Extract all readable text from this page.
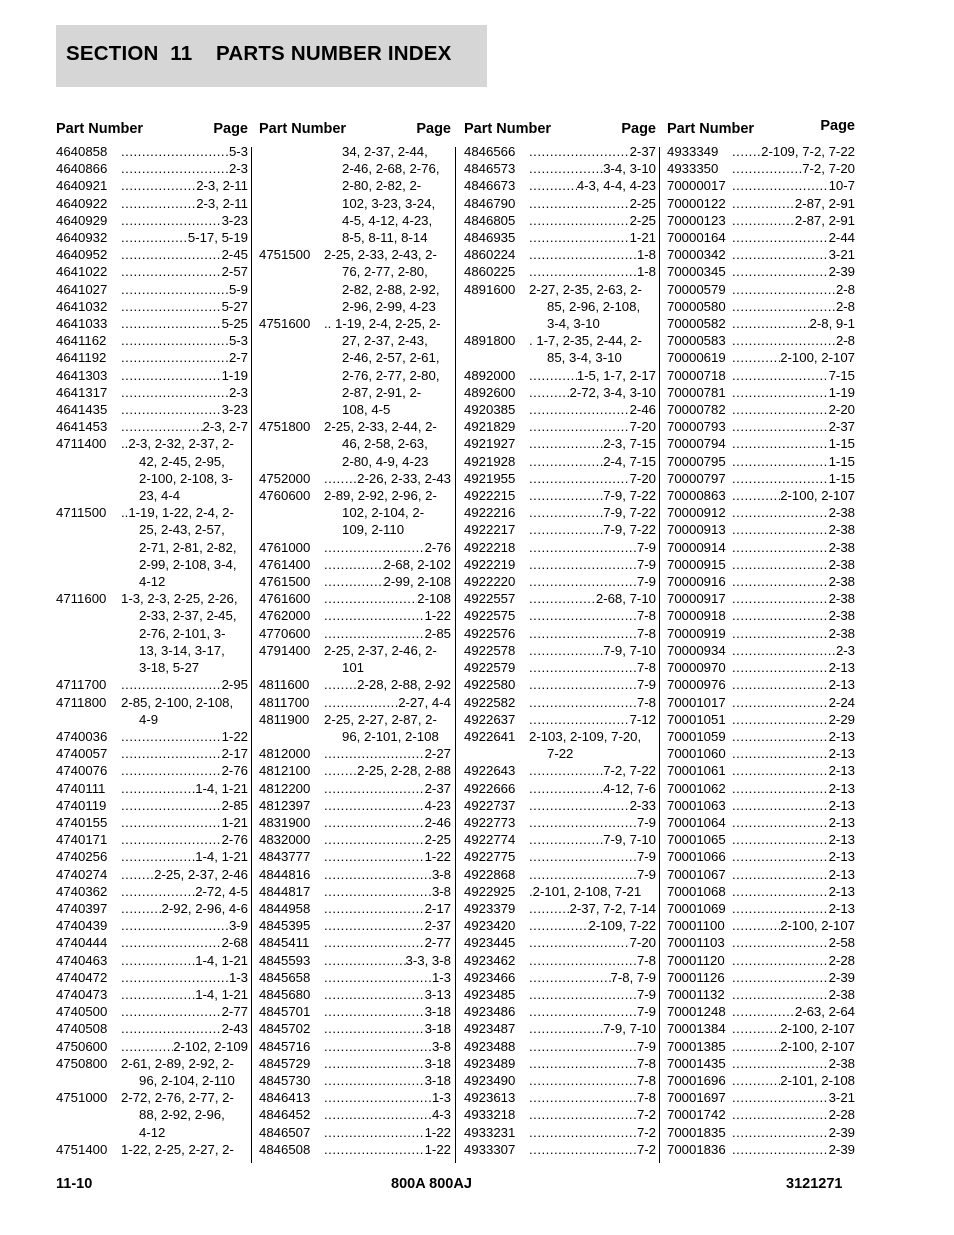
SECTION  11    PARTS NUMBER INDEX
Part Number	Page
4640858 .....	5-3
4640866 .....	2-3
4640921 .....	2-3, 2-11
4640922 .....	2-3, 2-11
4640929 .....	3-23
4640932 .....	5-17, 5-19
4640952 .....	2-45
4641022 .....	2-57
4641027 .....	5-9
4641032 .....	5-27
4641033 .....	5-25
4641162 .....	5-3
4641192 .....	2-7
4641303 .....	1-19
4641317 .....	2-3
4641435 .....	3-23
4641453 .....	2-3, 2-7
4711400 ..2-3, 2-32, 2-37, 2-
42, 2-45, 2-95,
2-100, 2-108, 3-
23, 4-4
4711500 ..1-19, 1-22, 2-4, 2-
25, 2-43, 2-57,
2-71, 2-81, 2-82,
2-99, 2-108, 3-4,
4-12
4711600 1-3, 2-3, 2-25, 2-26,
2-33, 2-37, 2-45,
2-76, 2-101, 3-
13, 3-14, 3-17,
3-18, 5-27
4711700 .....	2-95
4711800 2-85, 2-100, 2-108,
4-9
4740036 .....	1-22
4740057 .....	2-17
4740076 .....	2-76
4740111 .....	1-4, 1-21
4740119 .....	2-85
4740155 .....	1-21
4740171 .....	2-76
4740256 .....	1-4, 1-21
4740274 .....	2-25, 2-37, 2-46
4740362 .....	2-72, 4-5
4740397 .....	2-92, 2-96, 4-6
4740439 .....	3-9
4740444 .....	2-68
4740463 .....	1-4, 1-21
4740472 .....	1-3
4740473 .....	1-4, 1-21
4740500 .....	2-77
4740508 .....	2-43
4750600 .....	2-102, 2-109
4750800 2-61, 2-89, 2-92, 2-
96, 2-104, 2-110
4751000 2-72, 2-76, 2-77, 2-
88, 2-92, 2-96,
4-12
4751400 1-22, 2-25, 2-27, 2-
Part Number	Page
34, 2-37, 2-44,
2-46, 2-68, 2-76,
2-80, 2-82, 2-
102, 3-23, 3-24,
4-5, 4-12, 4-23,
8-5, 8-11, 8-14
4751500 2-25, 2-33, 2-43, 2-
76, 2-77, 2-80,
2-82, 2-88, 2-92,
2-96, 2-99, 4-23
4751600 .. 1-19, 2-4, 2-25, 2-
27, 2-37, 2-43,
2-46, 2-57, 2-61,
2-76, 2-77, 2-80,
2-87, 2-91, 2-
108, 4-5
4751800 2-25, 2-33, 2-44, 2-
46, 2-58, 2-63,
2-80, 4-9, 4-23
4752000 .....	2-26, 2-33, 2-43
4760600 2-89, 2-92, 2-96, 2-
102, 2-104, 2-
109, 2-110
4761000 .....	2-76
4761400 .....	2-68, 2-102
4761500 .....	2-99, 2-108
4761600 .....	2-108
4762000 .....	1-22
4770600 .....	2-85
4791400 2-25, 2-37, 2-46, 2-
101
4811600 .....	2-28, 2-88, 2-92
4811700 .....	2-27, 4-4
4811900 2-25, 2-27, 2-87, 2-
96, 2-101, 2-108
4812000 .....	2-27
4812100 .....	2-25, 2-28, 2-88
4812200 .....	2-37
4812397 .....	4-23
4831900 .....	2-46
4832000 .....	2-25
4843777 .....	1-22
4844816 .....	3-8
4844817 .....	3-8
4844958 .....	2-17
4845395 .....	2-37
4845411 .....	2-77
4845593 .....	3-3, 3-8
4845658 .....	1-3
4845680 .....	3-13
4845701 .....	3-18
4845702 .....	3-18
4845716 .....	3-8
4845729 .....	3-18
4845730 .....	3-18
4846413 .....	1-3
4846452 .....	4-3
4846507 .....	1-22
4846508 .....	1-22
Part Number	Page
4846566 .....	2-37
4846573 .....	3-4, 3-10
4846673 .....	4-3, 4-4, 4-23
4846790 .....	2-25
4846805 .....	2-25
4846935 .....	1-21
4860224 .....	1-8
4860225 .....	1-8
4891600 2-27, 2-35, 2-63, 2-
85, 2-96, 2-108,
3-4, 3-10
4891800 . 1-7, 2-35, 2-44, 2-
85, 3-4, 3-10
4892000 .....	1-5, 1-7, 2-17
4892600 .....	2-72, 3-4, 3-10
4920385 .....	2-46
4921829 .....	7-20
4921927 .....	2-3, 7-15
4921928 .....	2-4, 7-15
4921955 .....	7-20
4922215 .....	7-9, 7-22
4922216 .....	7-9, 7-22
4922217 .....	7-9, 7-22
4922218 .....	7-9
4922219 .....	7-9
4922220 .....	7-9
4922557 .....	2-68, 7-10
4922575 .....	7-8
4922576 .....	7-8
4922578 .....	7-9, 7-10
4922579 .....	7-8
4922580 .....	7-9
4922582 .....	7-8
4922637 .....	7-12
4922641 2-103, 2-109, 7-20,
7-22
4922643 .....	7-2, 7-22
4922666 .....	4-12, 7-6
4922737 .....	2-33
4922773 .....	7-9
4922774 .....	7-9, 7-10
4922775 .....	7-9
4922868 .....	7-9
4922925 .2-101, 2-108, 7-21
4923379 .....	2-37, 7-2, 7-14
4923420 .....	2-109, 7-22
4923445 .....	7-20
4923462 .....	7-8
4923466 .....	7-8, 7-9
4923485 .....	7-9
4923486 .....	7-9
4923487 .....	7-9, 7-10
4923488 .....	7-9
4923489 .....	7-8
4923490 .....	7-8
4923613 .....	7-8
4933218 .....	7-2
4933231 .....	7-2
4933307 .....	7-2
Part Number	Page
4933349 .....	2-109, 7-2, 7-22
4933350 .....	7-2, 7-20
70000017 .....	10-7
70000122 .....	2-87, 2-91
70000123 .....	2-87, 2-91
70000164 .....	2-44
70000342 .....	3-21
70000345 .....	2-39
70000579 .....	2-8
70000580 .....	2-8
70000582 .....	2-8, 9-1
70000583 .....	2-8
70000619 .....	2-100, 2-107
70000718 .....	7-15
70000781 .....	1-19
70000782 .....	2-20
70000793 .....	2-37
70000794 .....	1-15
70000795 .....	1-15
70000797 .....	1-15
70000863 .....	2-100, 2-107
70000912 .....	2-38
70000913 .....	2-38
70000914 .....	2-38
70000915 .....	2-38
70000916 .....	2-38
70000917 .....	2-38
70000918 .....	2-38
70000919 .....	2-38
70000934 .....	2-3
70000970 .....	2-13
70000976 .....	2-13
70001017 .....	2-24
70001051 .....	2-29
70001059 .....	2-13
70001060 .....	2-13
70001061 .....	2-13
70001062 .....	2-13
70001063 .....	2-13
70001064 .....	2-13
70001065 .....	2-13
70001066 .....	2-13
70001067 .....	2-13
70001068 .....	2-13
70001069 .....	2-13
70001100 .....	2-100, 2-107
70001103 .....	2-58
70001120 .....	2-28
70001126 .....	2-39
70001132 .....	2-38
70001248 .....	2-63, 2-64
70001384 .....	2-100, 2-107
70001385 .....	2-100, 2-107
70001435 .....	2-38
70001696 .....	2-101, 2-108
70001697 .....	3-21
70001742 .....	2-28
70001835 .....	2-39
70001836 .....	2-39
11-10	800A 800AJ	3121271
